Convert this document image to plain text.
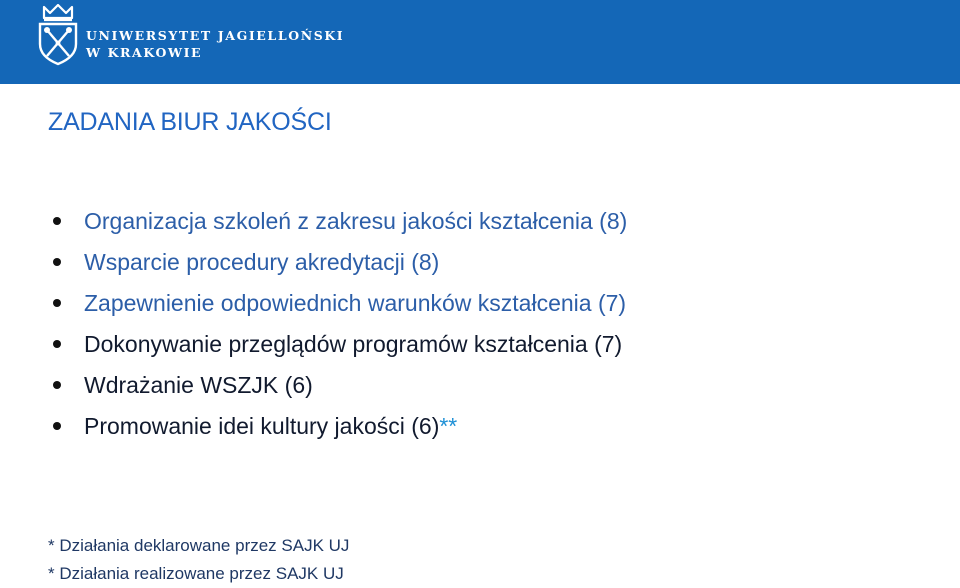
UNIWERSYTET JAGIELLOŃSKI
W KRAKOWIE
ZADANIA BIUR JAKOŚCI
Organizacja szkoleń z zakresu jakości kształcenia (8)
Wsparcie procedury akredytacji (8)
Zapewnienie odpowiednich warunków kształcenia (7)
Dokonywanie przeglądów programów kształcenia (7)
Wdrażanie WSZJK (6)
Promowanie idei kultury jakości (6)**
* Działania deklarowane przez SAJK UJ
* Działania realizowane przez SAJK UJ
